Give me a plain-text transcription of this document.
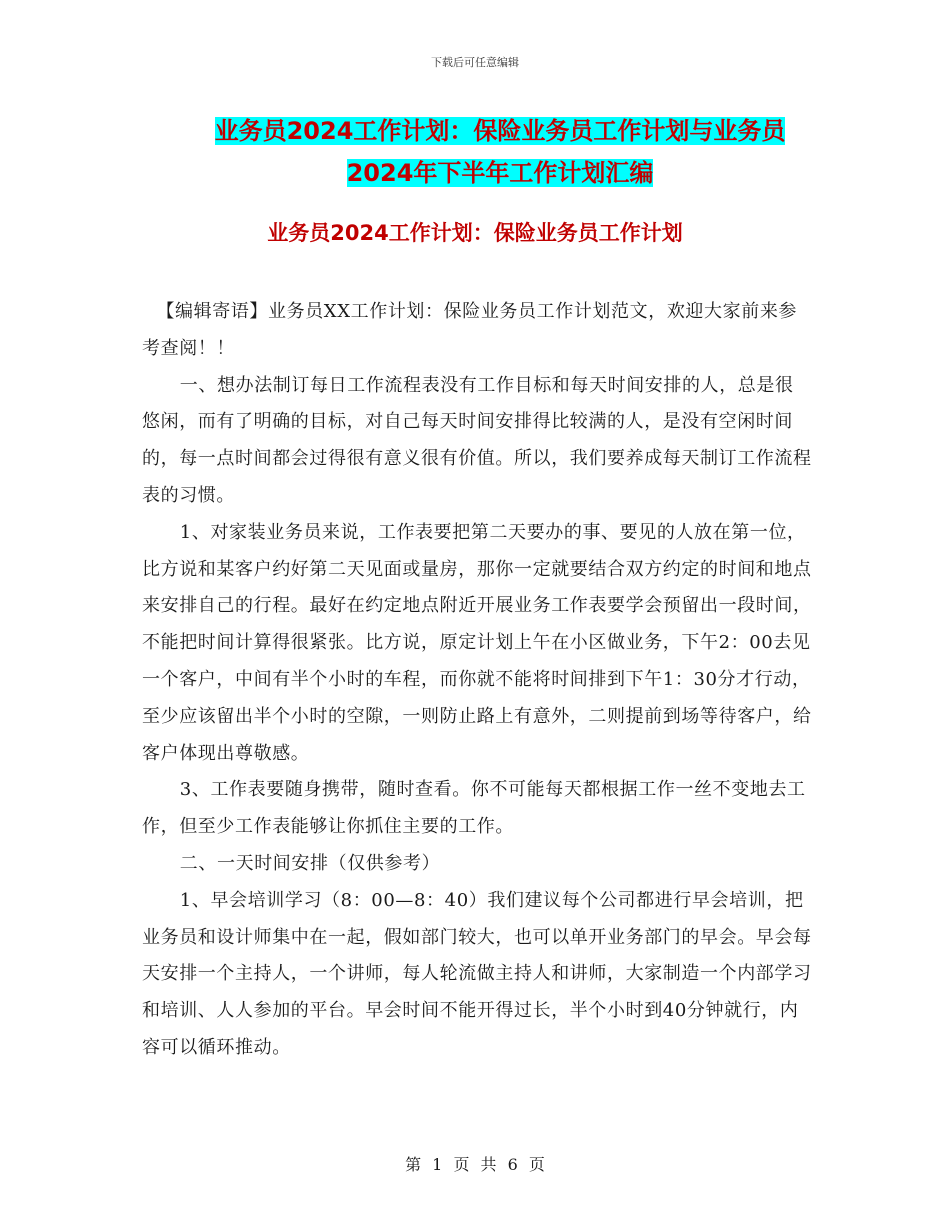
下载后可任意编辑
业务员2024工作计划：保险业务员工作计划与业务员
2024年下半年工作计划汇编
业务员2024工作计划：保险业务员工作计划

【编辑寄语】业务员XX工作计划：保险业务员工作计划范文，欢迎大家前来参考查阅！！

一、想办法制订每日工作流程表没有工作目标和每天时间安排的人，总是很悠闲，而有了明确的目标，对自己每天时间安排得比较满的人，是没有空闲时间的，每一点时间都会过得很有意义很有价值。所以，我们要养成每天制订工作流程表的习惯。

1、对家装业务员来说，工作表要把第二天要办的事、要见的人放在第一位，比方说和某客户约好第二天见面或量房，那你一定就要结合双方约定的时间和地点来安排自己的行程。最好在约定地点附近开展业务工作表要学会预留出一段时间，不能把时间计算得很紧张。比方说，原定计划上午在小区做业务，下午2：00去见一个客户，中间有半个小时的车程，而你就不能将时间排到下午1：30分才行动，至少应该留出半个小时的空隙，一则防止路上有意外，二则提前到场等待客户，给客户体现出尊敬感。

3、工作表要随身携带，随时查看。你不可能每天都根据工作一丝不变地去工作，但至少工作表能够让你抓住主要的工作。

二、一天时间安排（仅供参考）

1、早会培训学习（8：00—8：40）我们建议每个公司都进行早会培训，把业务员和设计师集中在一起，假如部门较大，也可以单开业务部门的早会。早会每天安排一个主持人，一个讲师，每人轮流做主持人和讲师，大家制造一个内部学习和培训、人人参加的平台。早会时间不能开得过长，半个小时到40分钟就行，内容可以循环推动。

第 1 页 共 6 页
